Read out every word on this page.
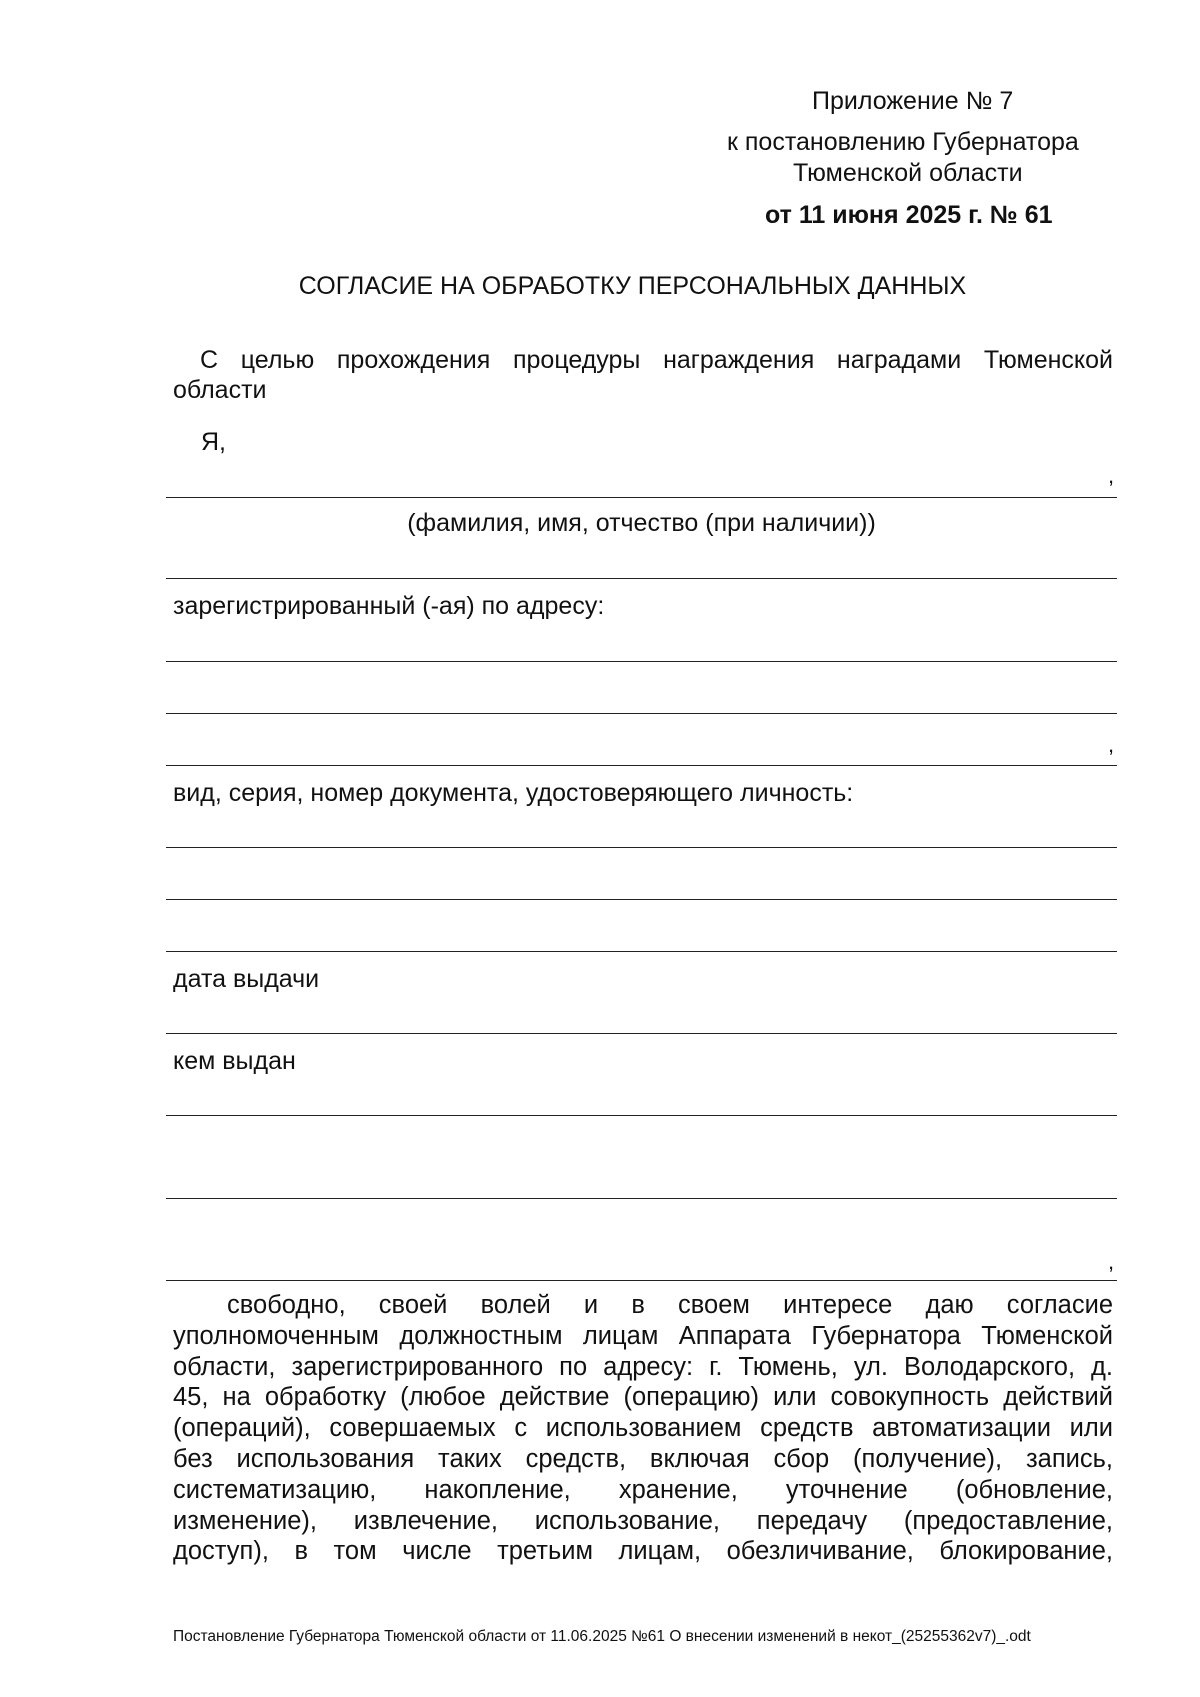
Приложение № 7
к постановлению Губернатора
Тюменской области
от 11 июня 2025 г. № 61
СОГЛАСИЕ НА ОБРАБОТКУ ПЕРСОНАЛЬНЫХ ДАННЫХ
С целью прохождения процедуры награждения наградами Тюменской области
Я,
,
(фамилия, имя, отчество (при наличии))
зарегистрированный (-ая) по адресу:
,
вид, серия, номер документа, удостоверяющего личность:
дата выдачи
кем выдан
,
свободно, своей волей и в своем интересе даю согласие
уполномоченным должностным лицам Аппарата Губернатора Тюменской
области, зарегистрированного по адресу: г. Тюмень, ул. Володарского, д.
45, на обработку (любое действие (операцию) или совокупность действий
(операций), совершаемых с использованием средств автоматизации или
без использования таких средств, включая сбор (получение), запись,
систематизацию, накопление, хранение, уточнение (обновление,
изменение), извлечение, использование, передачу (предоставление,
доступ), в том числе третьим лицам, обезличивание, блокирование,
Постановление Губернатора Тюменской области от 11.06.2025 №61 О внесении изменений в некот_(25255362v7)_.odt
